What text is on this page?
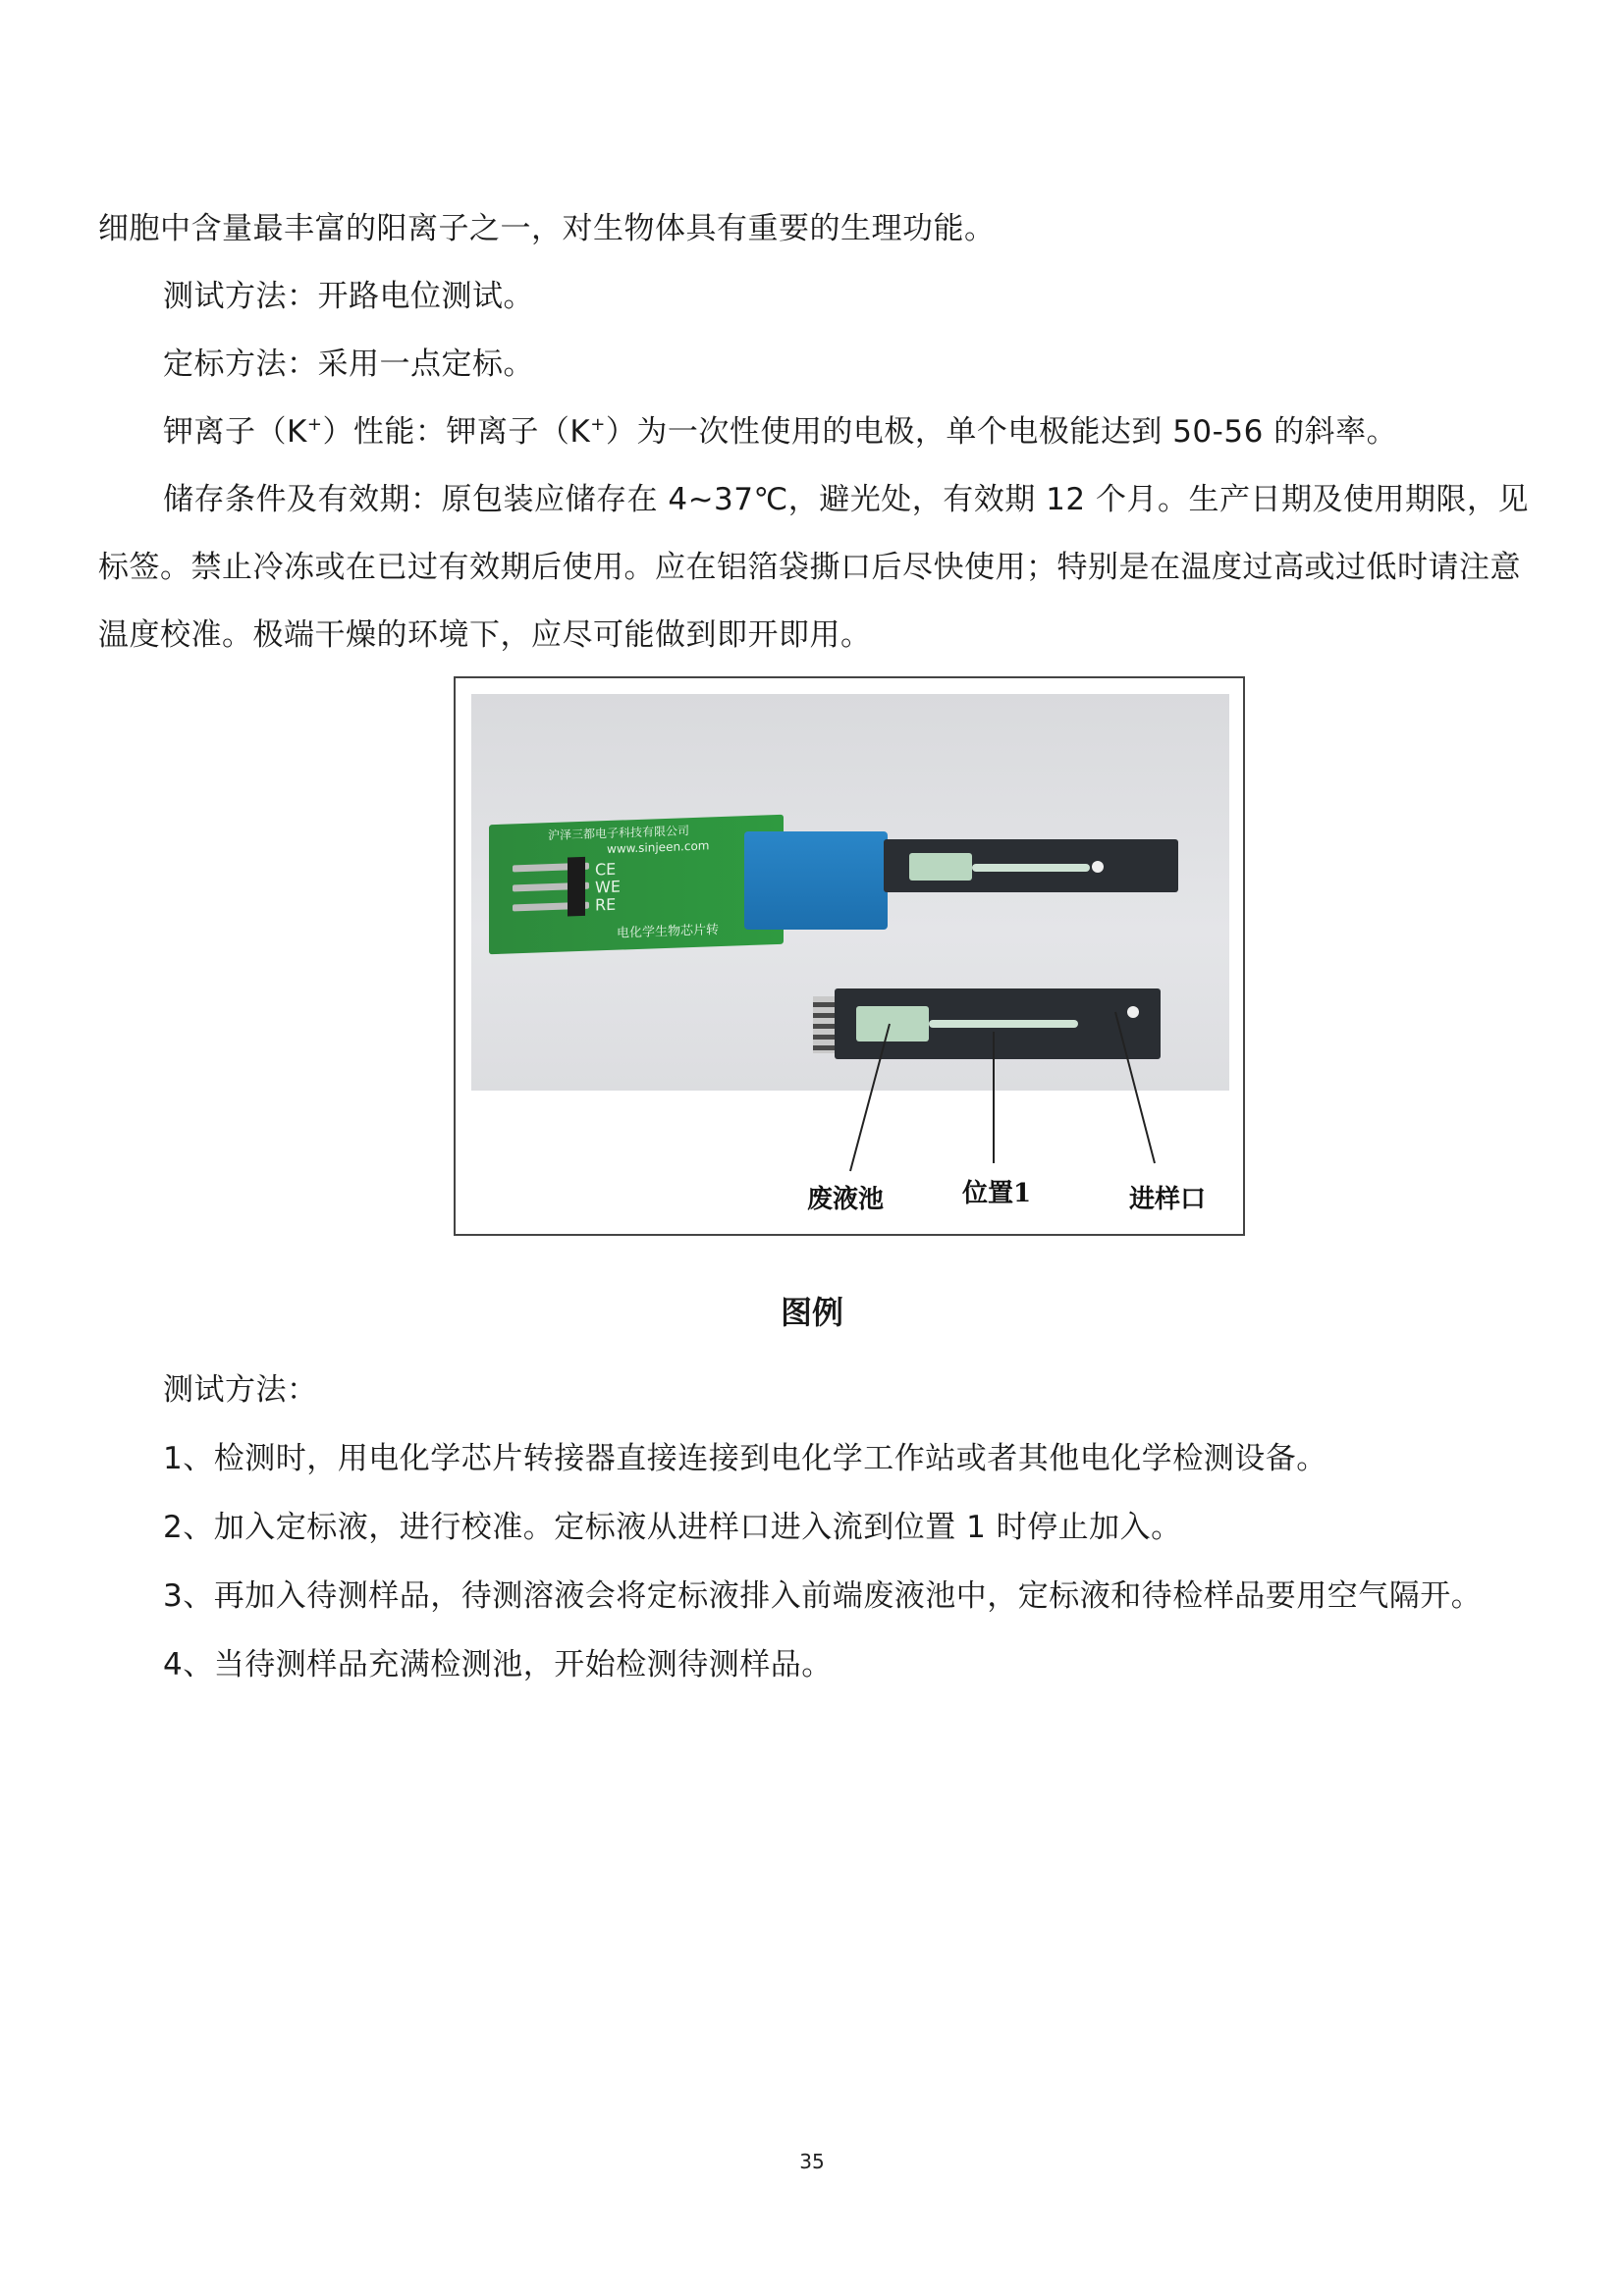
细胞中含量最丰富的阳离子之一，对生物体具有重要的生理功能。

测试方法：开路电位测试。

定标方法：采用一点定标。

钾离子（K+）性能：钾离子（K+）为一次性使用的电极，单个电极能达到 50-56 的斜率。

储存条件及有效期：原包装应储存在 4~37℃，避光处，有效期 12 个月。生产日期及使用期限，见标签。禁止冷冻或在已过有效期后使用。应在铝箔袋撕口后尽快使用；特别是在温度过高或过低时请注意温度校准。极端干燥的环境下，应尽可能做到即开即用。

沪泽三都电子科技有限公司
www.sinjeen.com
CE
WE
RE
电化学生物芯片转
废液池	位置1	进样口

图例

测试方法：
1、检测时，用电化学芯片转接器直接连接到电化学工作站或者其他电化学检测设备。
2、加入定标液，进行校准。定标液从进样口进入流到位置 1 时停止加入。
3、再加入待测样品，待测溶液会将定标液排入前端废液池中，定标液和待检样品要用空气隔开。
4、当待测样品充满检测池，开始检测待测样品。
35
